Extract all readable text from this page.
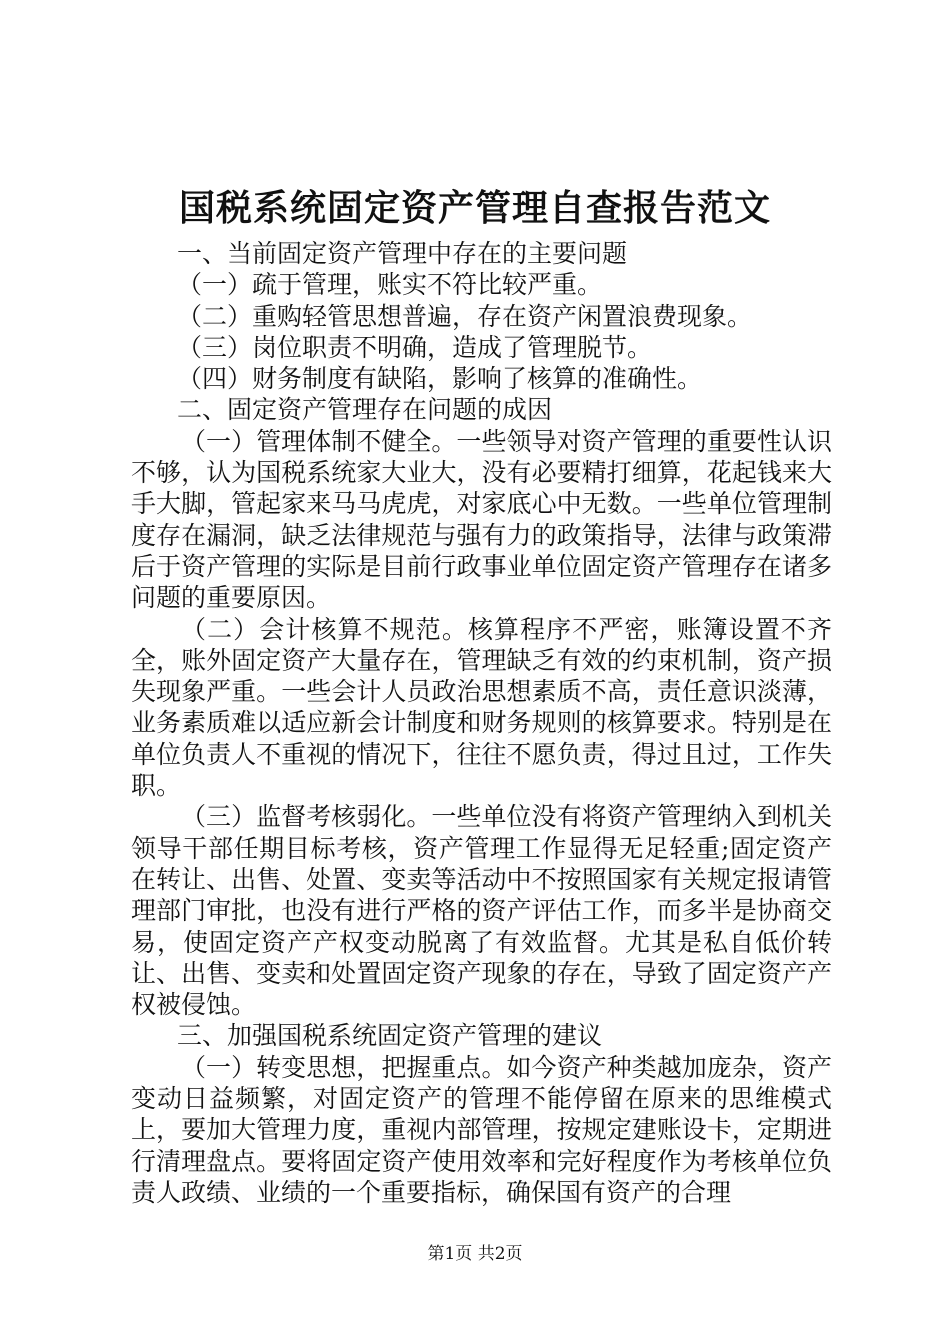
国税系统固定资产管理自查报告范文
一、当前固定资产管理中存在的主要问题
（一）疏于管理，账实不符比较严重。
（二）重购轻管思想普遍，存在资产闲置浪费现象。
（三）岗位职责不明确，造成了管理脱节。
（四）财务制度有缺陷，影响了核算的准确性。
二、固定资产管理存在问题的成因

（一）管理体制不健全。一些领导对资产管理的重要性认识不够，认为国税系统家大业大，没有必要精打细算，花起钱来大手大脚，管起家来马马虎虎，对家底心中无数。一些单位管理制度存在漏洞，缺乏法律规范与强有力的政策指导，法律与政策滞后于资产管理的实际是目前行政事业单位固定资产管理存在诸多问题的重要原因。

（二）会计核算不规范。核算程序不严密，账簿设置不齐全，账外固定资产大量存在，管理缺乏有效的约束机制，资产损失现象严重。一些会计人员政治思想素质不高，责任意识淡薄，业务素质难以适应新会计制度和财务规则的核算要求。特别是在单位负责人不重视的情况下，往往不愿负责，得过且过，工作失职。

（三）监督考核弱化。一些单位没有将资产管理纳入到机关领导干部任期目标考核，资产管理工作显得无足轻重;固定资产在转让、出售、处置、变卖等活动中不按照国家有关规定报请管理部门审批，也没有进行严格的资产评估工作，而多半是协商交易，使固定资产产权变动脱离了有效监督。尤其是私自低价转让、出售、变卖和处置固定资产现象的存在，导致了固定资产产权被侵蚀。

三、加强国税系统固定资产管理的建议

（一）转变思想，把握重点。如今资产种类越加庞杂，资产变动日益频繁，对固定资产的管理不能停留在原来的思维模式上，要加大管理力度，重视内部管理，按规定建账设卡，定期进行清理盘点。要将固定资产使用效率和完好程度作为考核单位负责人政绩、业绩的一个重要指标，确保国有资产的合理

第1页 共2页
